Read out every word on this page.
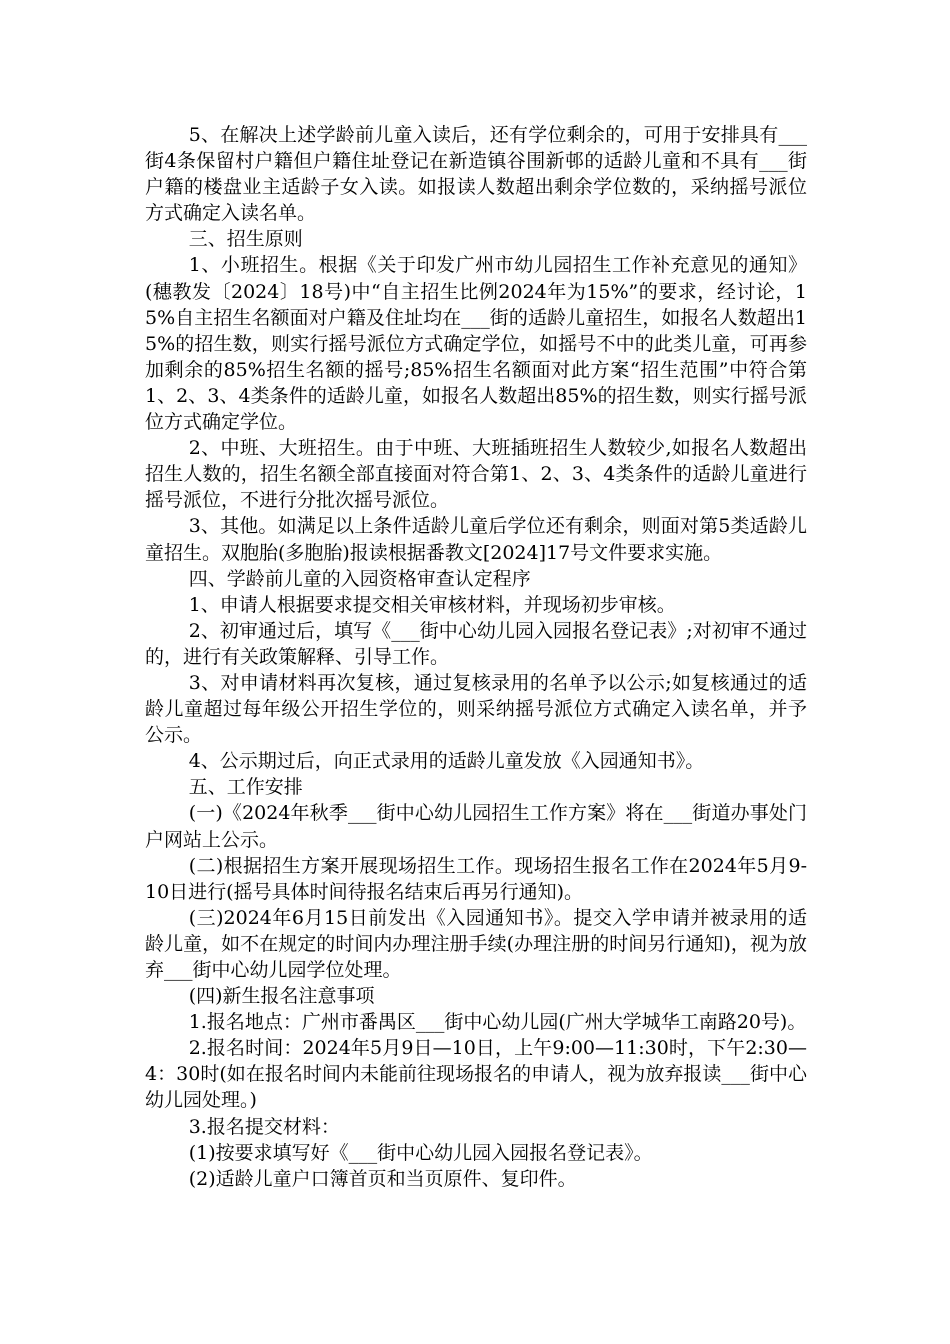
5、在解决上述学龄前儿童入读后，还有学位剩余的，可用于安排具有___街4条保留村户籍但户籍住址登记在新造镇谷围新邨的适龄儿童和不具有___街户籍的楼盘业主适龄子女入读。如报读人数超出剩余学位数的，采纳摇号派位方式确定入读名单。

三、招生原则

1、小班招生。根据《关于印发广州市幼儿园招生工作补充意见的通知》(穗教发〔2024〕18号)中“自主招生比例2024年为15%”的要求，经讨论，15%自主招生名额面对户籍及住址均在___街的适龄儿童招生，如报名人数超出15%的招生数，则实行摇号派位方式确定学位，如摇号不中的此类儿童，可再参加剩余的85%招生名额的摇号;85%招生名额面对此方案“招生范围”中符合第1、2、3、4类条件的适龄儿童，如报名人数超出85%的招生数，则实行摇号派位方式确定学位。

2、中班、大班招生。由于中班、大班插班招生人数较少,如报名人数超出招生人数的，招生名额全部直接面对符合第1、2、3、4类条件的适龄儿童进行摇号派位，不进行分批次摇号派位。

3、其他。如满足以上条件适龄儿童后学位还有剩余，则面对第5类适龄儿童招生。双胞胎(多胞胎)报读根据番教文[2024]17号文件要求实施。

四、学龄前儿童的入园资格审查认定程序

1、申请人根据要求提交相关审核材料，并现场初步审核。

2、初审通过后，填写《___街中心幼儿园入园报名登记表》;对初审不通过的，进行有关政策解释、引导工作。

3、对申请材料再次复核，通过复核录用的名单予以公示;如复核通过的适龄儿童超过每年级公开招生学位的，则采纳摇号派位方式确定入读名单，并予公示。

4、公示期过后，向正式录用的适龄儿童发放《入园通知书》。

五、工作安排

(一)《2024年秋季___街中心幼儿园招生工作方案》将在___街道办事处门户网站上公示。

(二)根据招生方案开展现场招生工作。现场招生报名工作在2024年5月9-10日进行(摇号具体时间待报名结束后再另行通知)。

(三)2024年6月15日前发出《入园通知书》。提交入学申请并被录用的适龄儿童，如不在规定的时间内办理注册手续(办理注册的时间另行通知)，视为放弃___街中心幼儿园学位处理。

(四)新生报名注意事项

1.报名地点：广州市番禺区___街中心幼儿园(广州大学城华工南路20号)。

2.报名时间：2024年5月9日—10日，上午9:00—11:30时，下午2:30—4：30时(如在报名时间内未能前往现场报名的申请人，视为放弃报读___街中心幼儿园处理。)

3.报名提交材料：

(1)按要求填写好《___街中心幼儿园入园报名登记表》。

(2)适龄儿童户口簿首页和当页原件、复印件。
